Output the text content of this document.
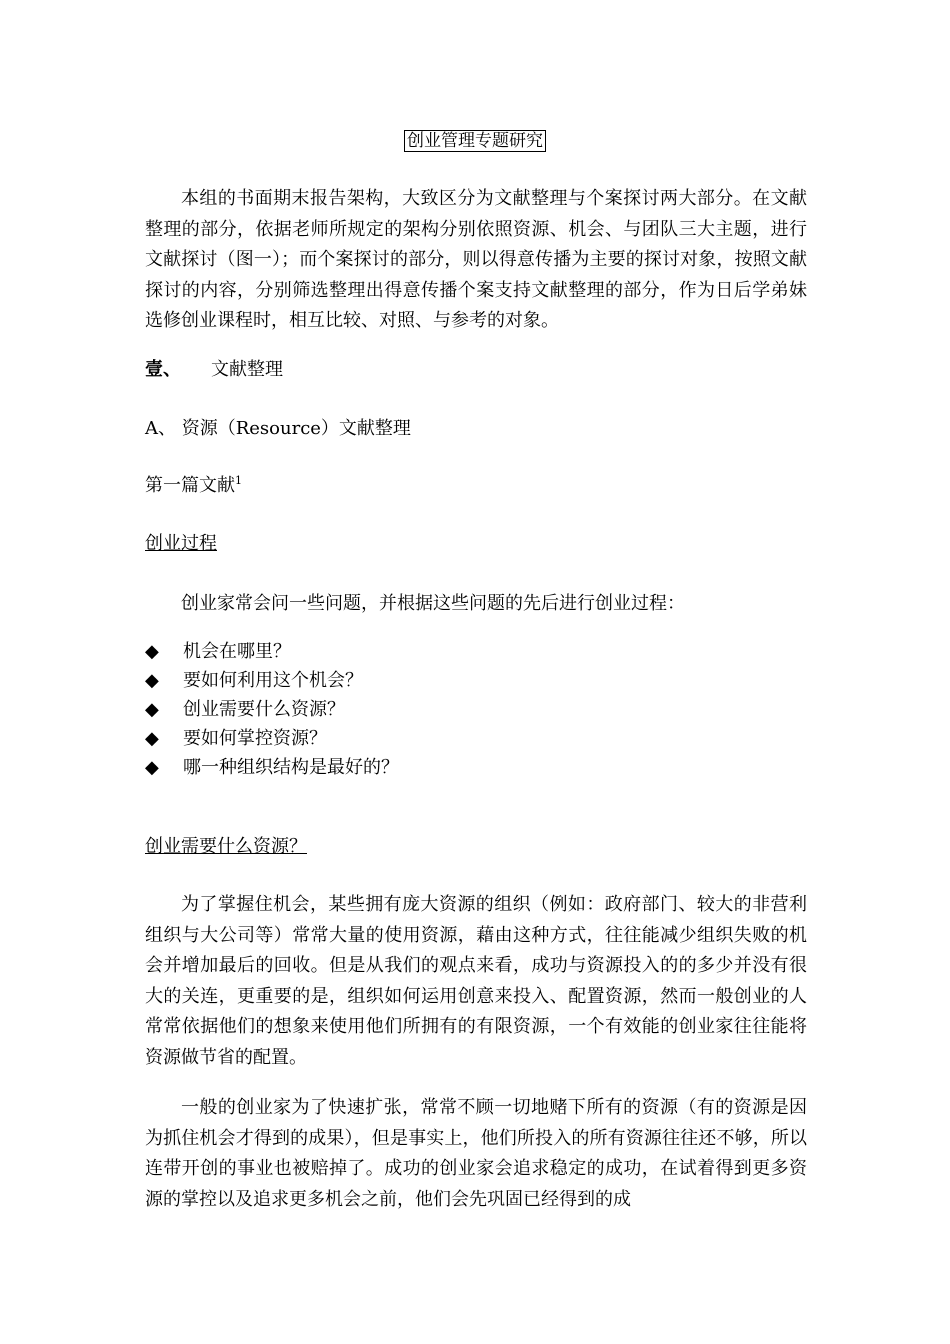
创业管理专题研究

本组的书面期末报告架构，大致区分为文献整理与个案探讨两大部分。在文献整理的部分，依据老师所规定的架构分别依照资源、机会、与团队三大主题，进行文献探讨（图一）；而个案探讨的部分，则以得意传播为主要的探讨对象，按照文献探讨的内容，分别筛选整理出得意传播个案支持文献整理的部分，作为日后学弟妹选修创业课程时，相互比较、对照、与参考的对象。

壹、 文献整理
A、 资源（Resource）文献整理
第一篇文献$^1$
创业过程

创业家常会问一些问题，并根据这些问题的先后进行创业过程：

◆ 机会在哪里？
◆ 要如何利用这个机会？
◆ 创业需要什么资源？
◆ 要如何掌控资源？
◆ 哪一种组织结构是最好的？
创业需要什么资源？

为了掌握住机会，某些拥有庞大资源的组织（例如：政府部门、较大的非营利组织与大公司等）常常大量的使用资源，藉由这种方式，往往能减少组织失败的机会并增加最后的回收。但是从我们的观点来看，成功与资源投入的的多少并没有很大的关连，更重要的是，组织如何运用创意来投入、配置资源，然而一般创业的人常常依据他们的想象来使用他们所拥有的有限资源，一个有效能的创业家往往能将资源做节省的配置。

一般的创业家为了快速扩张，常常不顾一切地赌下所有的资源（有的资源是因为抓住机会才得到的成果），但是事实上，他们所投入的所有资源往往还不够，所以连带开创的事业也被赔掉了。成功的创业家会追求稳定的成功，在试着得到更多资源的掌控以及追求更多机会之前，他们会先巩固已经得到的成
